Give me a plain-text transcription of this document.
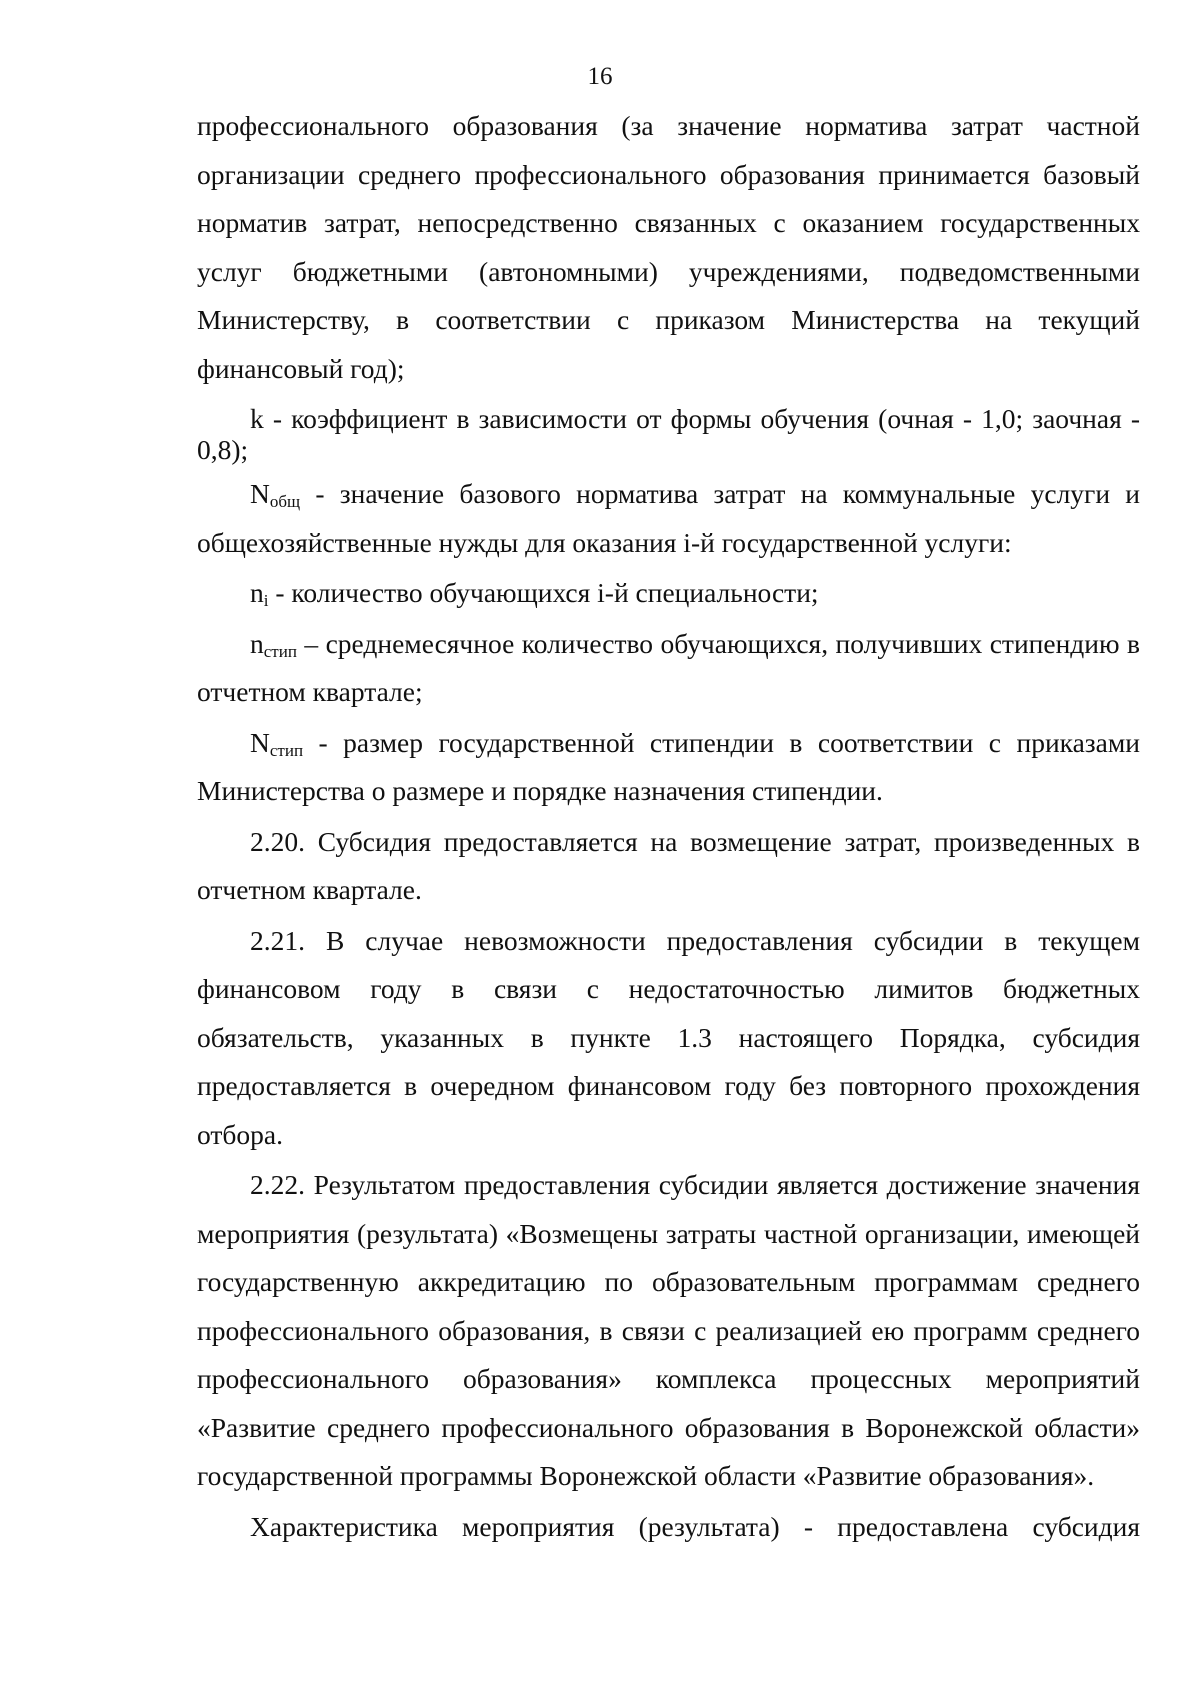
16

профессионального образования (за значение норматива затрат частной организации среднего профессионального образования принимается базовый норматив затрат, непосредственно связанных с оказанием государственных услуг бюджетными (автономными) учреждениями, подведомственными Министерству, в соответствии с приказом Министерства на текущий финансовый год);

k - коэффициент в зависимости от формы обучения (очная - 1,0; заочная - 0,8);

$N_{общ}$ - значение базового норматива затрат на коммунальные услуги и общехозяйственные нужды для оказания i-й государственной услуги:

$n_i$ - количество обучающихся i-й специальности;

$n_{стип}$ – среднемесячное количество обучающихся, получивших стипендию в отчетном квартале;

$N_{стип}$ - размер государственной стипендии в соответствии с приказами Министерства о размере и порядке назначения стипендии.

2.20. Субсидия предоставляется на возмещение затрат, произведенных в отчетном квартале.

2.21. В случае невозможности предоставления субсидии в текущем финансовом году в связи с недостаточностью лимитов бюджетных обязательств, указанных в пункте 1.3 настоящего Порядка, субсидия предоставляется в очередном финансовом году без повторного прохождения отбора.

2.22. Результатом предоставления субсидии является достижение значения мероприятия (результата) «Возмещены затраты частной организации, имеющей государственную аккредитацию по образовательным программам среднего профессионального образования, в связи с реализацией ею программ среднего профессионального образования» комплекса процессных мероприятий «Развитие среднего профессионального образования в Воронежской области» государственной программы Воронежской области «Развитие образования».

Характеристика мероприятия (результата) - предоставлена субсидия
